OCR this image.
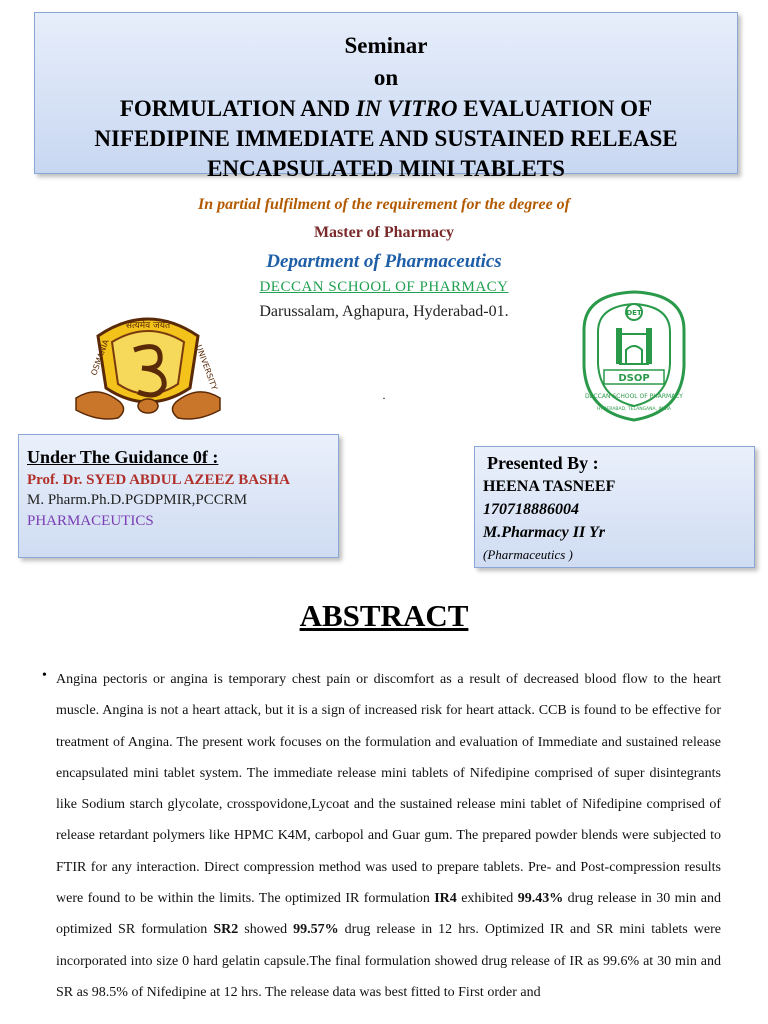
Seminar
on
FORMULATION AND IN VITRO EVALUATION OF
NIFEDIPINE IMMEDIATE AND SUSTAINED RELEASE
ENCAPSULATED MINI TABLETS
In partial fulfilment of the requirement for the degree of
Master of Pharmacy
Department of Pharmaceutics
DECCAN SCHOOL OF PHARMACY
Darussalam, Aghapura, Hyderabad-01.
.
सत्यमेव जयते
OSMANIA	UNIVERSITY
DET
DSOP
DECCAN SCHOOL OF PHARMACY
HYDERABAD, TELANGANA, INDIA
Under The Guidance 0f :
Prof. Dr. SYED ABDUL AZEEZ BASHA
M. Pharm.Ph.D.PGDPMIR,PCCRM
PHARMACEUTICS
Presented By :
HEENA TASNEEF
170718886004
M.Pharmacy II Yr
(Pharmaceutics )
ABSTRACT
• Angina pectoris or angina is temporary chest pain or discomfort as a result of decreased blood flow to the heart muscle. Angina is not a heart attack, but it is a sign of increased risk for heart attack. CCB is found to be effective for treatment of Angina. The present work focuses on the formulation and evaluation of Immediate and sustained release encapsulated mini tablet system. The immediate release mini tablets of Nifedipine comprised of super disintegrants like Sodium starch glycolate, crosspovidone,Lycoat and the sustained release mini tablet of Nifedipine comprised of release retardant polymers like HPMC K4M, carbopol and Guar gum. The prepared powder blends were subjected to FTIR for any interaction. Direct compression method was used to prepare tablets. Pre- and Post-compression results were found to be within the limits. The optimized IR formulation IR4 exhibited 99.43% drug release in 30 min and optimized SR formulation SR2 showed 99.57% drug release in 12 hrs. Optimized IR and SR mini tablets were incorporated into size 0 hard gelatin capsule.The final formulation showed drug release of IR as 99.6% at 30 min and SR as 98.5% of Nifedipine at 12 hrs. The release data was best fitted to First order and
